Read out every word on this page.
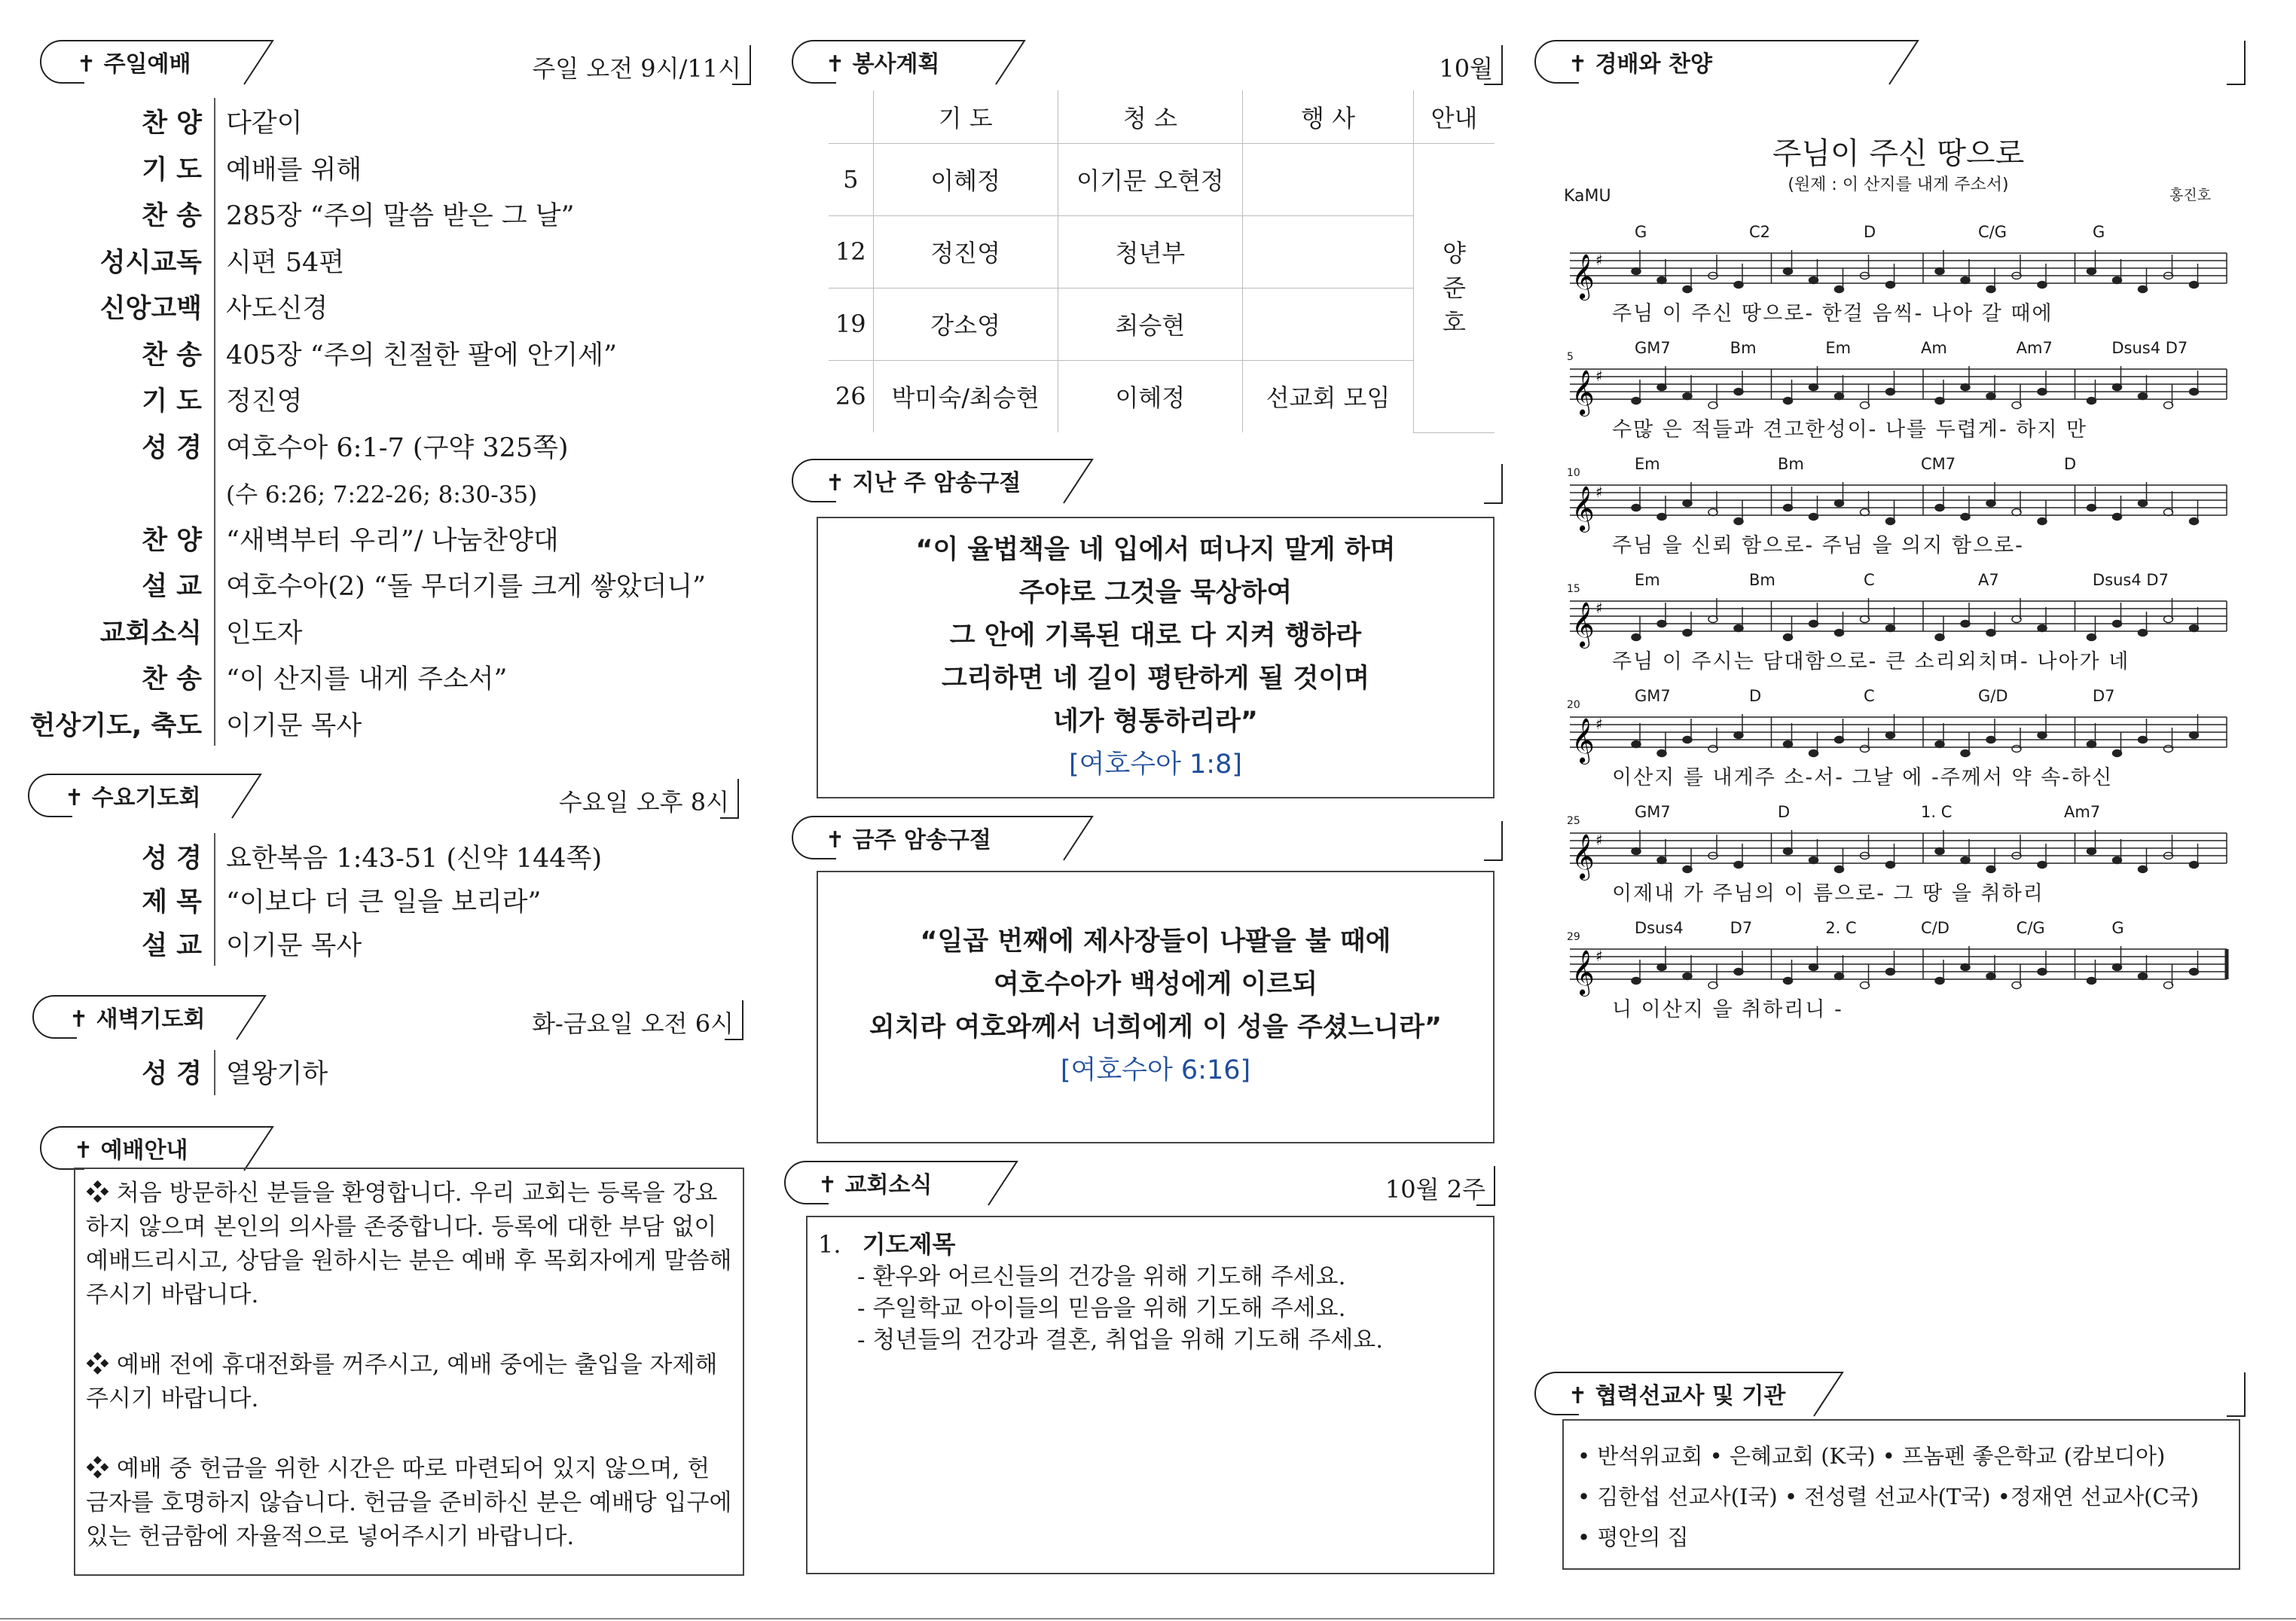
✝ 주일예배	주일 오전 9시/11시
찬 양 다같이
기 도 예배를 위해
찬 송 285장 “주의 말씀 받은 그 날”
성시교독 시편 54편
신앙고백 사도신경
찬 송 405장 “주의 친절한 팔에 안기세”
기 도 정진영
성 경 여호수아 6:1-7 (구약 325쪽)
(수 6:26; 7:22-26; 8:30-35)
찬 양 “새벽부터 우리”/ 나눔찬양대
설 교 여호수아(2) “돌 무더기를 크게 쌓았더니”
교회소식 인도자
찬 송 “이 산지를 내게 주소서”
헌상기도, 축도 이기문 목사
✝ 수요기도회	수요일 오후 8시
성 경 요한복음 1:43-51 (신약 144쪽)
제 목 “이보다 더 큰 일을 보리라”
설 교 이기문 목사
✝ 새벽기도회	화-금요일 오전 6시
성 경 열왕기하
✝ 예배안내

❖ 처음 방문하신 분들을 환영합니다. 우리 교회는 등록을 강요하지 않으며 본인의 의사를 존중합니다. 등록에 대한 부담 없이 예배드리시고, 상담을 원하시는 분은 예배 후 목회자에게 말씀해 주시기 바랍니다.

❖ 예배 전에 휴대전화를 꺼주시고, 예배 중에는 출입을 자제해 주시기 바랍니다.

❖ 예배 중 헌금을 위한 시간은 따로 마련되어 있지 않으며, 헌금자를 호명하지 않습니다. 헌금을 준비하신 분은 예배당 입구에 있는 헌금함에 자율적으로 넣어주시기 바랍니다.

✝ 봉사계획	10월
	기 도	청 소	행 사	안내
5	이혜정	이기문 오현정		양
준
호
12	정진영	청년부		
19	강소영	최승현		
26	박미숙/최승현	이혜정	선교회 모임	
✝ 지난 주 암송구절
“이 율법책을 네 입에서 떠나지 말게 하며
주야로 그것을 묵상하여
그 안에 기록된 대로 다 지켜 행하라
그리하면 네 길이 평탄하게 될 것이며
네가 형통하리라”
[여호수아 1:8]
✝ 금주 암송구절
“일곱 번째에 제사장들이 나팔을 불 때에
여호수아가 백성에게 이르되
외치라 여호와께서 너희에게 이 성을 주셨느니라”
[여호수아 6:16]
✝ 교회소식	10월 2주
1. 기도제목
- 환우와 어르신들의 건강을 위해 기도해 주세요.
- 주일학교 아이들의 믿음을 위해 기도해 주세요.
- 청년들의 건강과 결혼, 취업을 위해 기도해 주세요.
✝ 경배와 찬양
주님이 주신 땅으로
(원제 : 이 산지를 내게 주소서)
KaMU	홍진호
𝄞 ♯
G	C2	D	C/G	G
주님 이 주신 땅으로- 한걸 음씩- 나아 갈 때에
𝄞 ♯
5	GM7	Bm	Em	Am	Am7	Dsus4 D7
수많 은 적들과 견고한성이- 나를 두렵게- 하지 만
𝄞 ♯
10	Em	Bm	CM7	D
주님 을 신뢰 함으로- 주님 을 의지 함으로-
𝄞 ♯
15	Em	Bm	C	A7	Dsus4 D7
주님 이 주시는 담대함으로- 큰 소리외치며- 나아가 네
𝄞 ♯
20	GM7	D	C	G/D	D7
이산지 를 내게주 소-서- 그날 에 -주께서 약 속-하신
𝄞 ♯
25	GM7	D	1. C	Am7
이제내 가 주님의 이 름으로- 그 땅 을 취하리
𝄞 ♯
29	Dsus4	D7	2. C	C/D	C/G	G
니 이산지 을 취하리니 -
✝ 협력선교사 및 기관
• 반석위교회 • 은혜교회 (K국) • 프놈펜 좋은학교 (캄보디아)
• 김한섭 선교사(I국) • 전성렬 선교사(T국) •정재연 선교사(C국)
• 평안의 집
